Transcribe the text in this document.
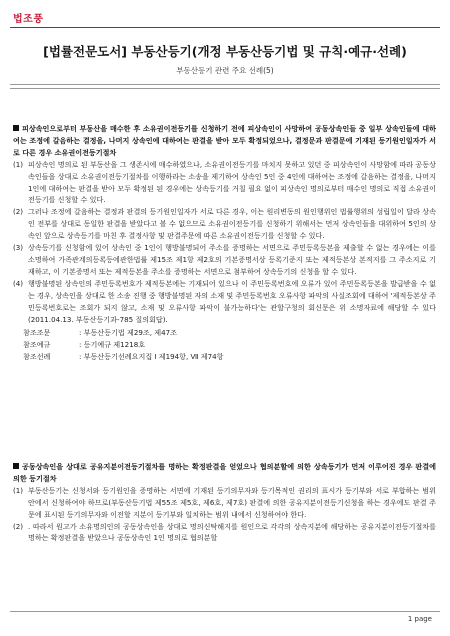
법조풍
[법률전문도서] 부동산등기(개정 부동산등기법 및 규칙·예규·선례)
부동산등기 관련 주요 선례(5)
피상속인으로부터 부동산을 매수한 후 소유권이전등기를 신청하기 전에 피상속인이 사망하여 공동상속인들 중 일부 상속인들에 대하여는 조정에 갈음하는 결정을, 나머지 상속인에 대하여는 판결을 받아 모두 확정되었으나, 결정문과 판결문에 기재된 등기원인일자가 서로 다른 경우 소유권이전등기절차
(1) 피상속인 명의로 된 부동산을 그 생존시에 매수하였으나, 소유권이전등기를 마치지 못하고 있던 중 피상속인이 사망함에 따라 공동상속인들을 상대로 소유권이전등기절차를 이행하라는 소송을 제기하여 상속인 5인 중 4인에 대하여는 조정에 갈음하는 결정을, 나머지 1인에 대하여는 판결을 받아 모두 확정된 된 경우에는 상속등기를 거칠 필요 없이 피상속인 명의로부터 매수인 명의로 직접 소유권이전등기를 신청할 수 있다.
(2) 그러나 조정에 갈음하는 결정과 판결의 등기원인일자가 서로 다른 경우, 이는 원리변동의 원인행위인 법률행위의 성립일이 달라 상속인 전부를 상대로 동일한 판결을 받았다고 볼 수 없으므로 소유권이전등기를 신청하기 위해서는 먼저 상속인들을 대위하여 5인의 상속인 앞으로 상속등기를 마친 후 결정사항 및 판결주문에 따른 소유권이전등기를 신청할 수 있다.
(3) 상속등기를 신청함에 있어 상속인 중 1인이 행방불명되어 주소를 증명하는 서면으로 주민등록등본을 제출할 수 없는 경우에는 이를 소명하여 가족관계의등록등에관한법률 제15조 제1항 제2호의 기본증명서상 등록기준지 또는 제적등본상 본적지를 그 주소지로 기재하고, 이 기본증명서 또는 제적등본을 주소를 증명하는 서면으로 첨부하여 상속등기의 신청을 할 수 있다.
(4) 행방불명된 상속인의 주민등록번호가 제적등본에는 기재되어 있으나 이 주민등록번호에 오류가 있어 주민등록등본을 발급받을 수 없는 경우, 상속인을 상대로 한 소송 진행 중 행방불명된 자의 소재 및 주민등록번호 오류사항 파악의 사실조회에 대하여 '제적등본상 주민등록번호로는 조회가 되지 않고, 소재 및 오류사항 파악이 불가능하다'는 관할구청의 회신문은 위 소명자료에 해당할 수 있다(2011.04.13. 부동산등기과-785 질의회답).
참조조문	: 부동산등기법 제29조, 제47조
참조예규	: 등기예규 제1218호
참조선례	: 부동산등기선례요지집 Ⅰ 제194항, Ⅶ 제74항
공동상속인을 상대로 공유지분이전등기절차를 명하는 확정판결을 얻었으나 협의분할에 의한 상속등기가 먼저 이루어진 경우 판결에 의한 등기절차
(1) 부동산등기는 신청서와 등기원인을 증명하는 서면에 기재된 등기의무자와 등기목적인 권리의 표시가 등기부와 서로 부합하는 범위 안에서 신청하여야 하므로(부동산등기법 제55조 제5호, 제6호, 제7호) 판결에 의한 공유지분이전등기신청을 하는 경우에도 판결 주문에 표시된 등기의무자와 이전할 지분이 등기부와 일치하는 범위 내에서 신청하여야 한다.
(2) . 따라서 원고가 소유명의인의 공동상속인을 상대로 명의신탁해지를 원인으로 각각의 상속지분에 해당하는 공유지분이전등기절차를 명하는 확정판결을 받았으나 공동상속인 1인 명의로 협의분할
1 page
